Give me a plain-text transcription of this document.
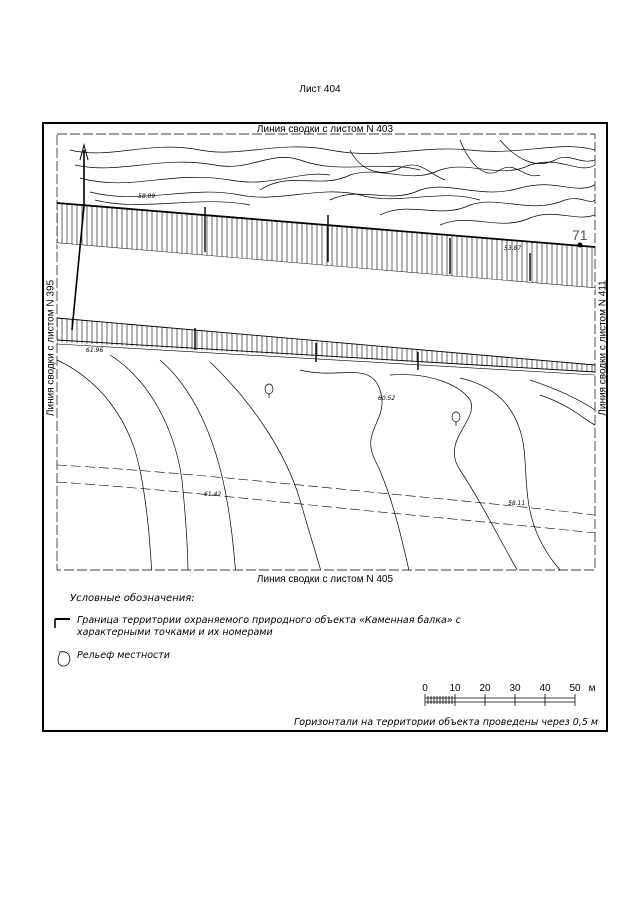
Лист 404
71
58.89
53.87
61.96
60.52
61.42
58.11
Линия сводки с листом N 403
Линия сводки с листом N 405
Линия сводки с листом N 395	Линия сводки с листом N 411
Условные обозначения:
Граница территории охраняемого природного объекта «Каменная балка» с характерными точками и их номерами
Рельеф местности
0 10 20 30 40 50 м
Горизонтали на территории объекта проведены через 0,5 м
